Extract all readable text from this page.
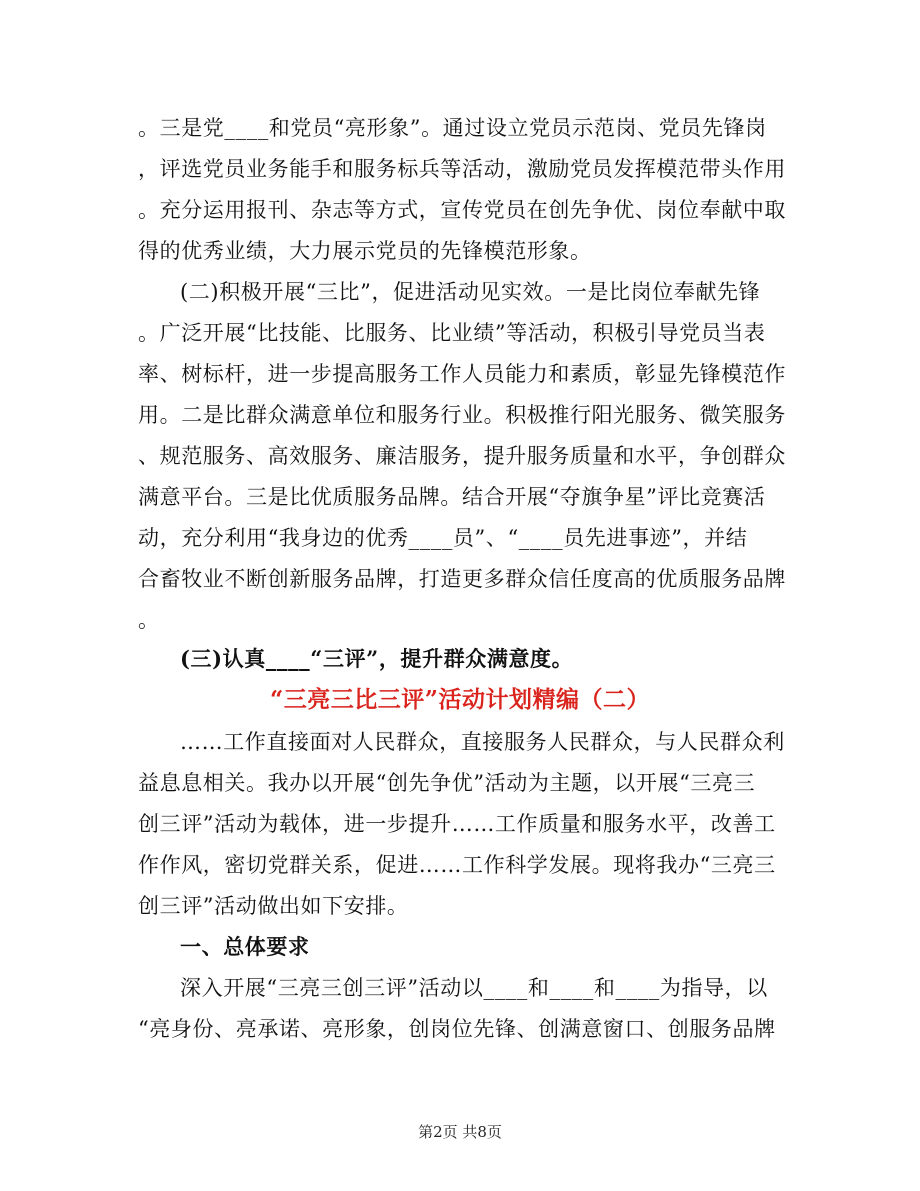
。三是党____和党员“亮形象”。通过设立党员示范岗、党员先锋岗
，评选党员业务能手和服务标兵等活动，激励党员发挥模范带头作用
。充分运用报刊、杂志等方式，宣传党员在创先争优、岗位奉献中取
得的优秀业绩，大力展示党员的先锋模范形象。
(二)积极开展“三比”，促进活动见实效。一是比岗位奉献先锋
。广泛开展“比技能、比服务、比业绩”等活动，积极引导党员当表
率、树标杆，进一步提高服务工作人员能力和素质，彰显先锋模范作
用。二是比群众满意单位和服务行业。积极推行阳光服务、微笑服务
、规范服务、高效服务、廉洁服务，提升服务质量和水平，争创群众
满意平台。三是比优质服务品牌。结合开展“夺旗争星”评比竞赛活
动，充分利用“我身边的优秀____员”、“____员先进事迹”，并结
合畜牧业不断创新服务品牌，打造更多群众信任度高的优质服务品牌
。
(三)认真____“三评”，提升群众满意度。
“三亮三比三评”活动计划精编（二）
……工作直接面对人民群众，直接服务人民群众，与人民群众利
益息息相关。我办以开展“创先争优”活动为主题，以开展“三亮三
创三评”活动为载体，进一步提升……工作质量和服务水平，改善工
作作风，密切党群关系，促进……工作科学发展。现将我办“三亮三
创三评”活动做出如下安排。
一、总体要求
深入开展“三亮三创三评”活动以____和____和____为指导，以
“亮身份、亮承诺、亮形象，创岗位先锋、创满意窗口、创服务品牌
第2页 共8页
